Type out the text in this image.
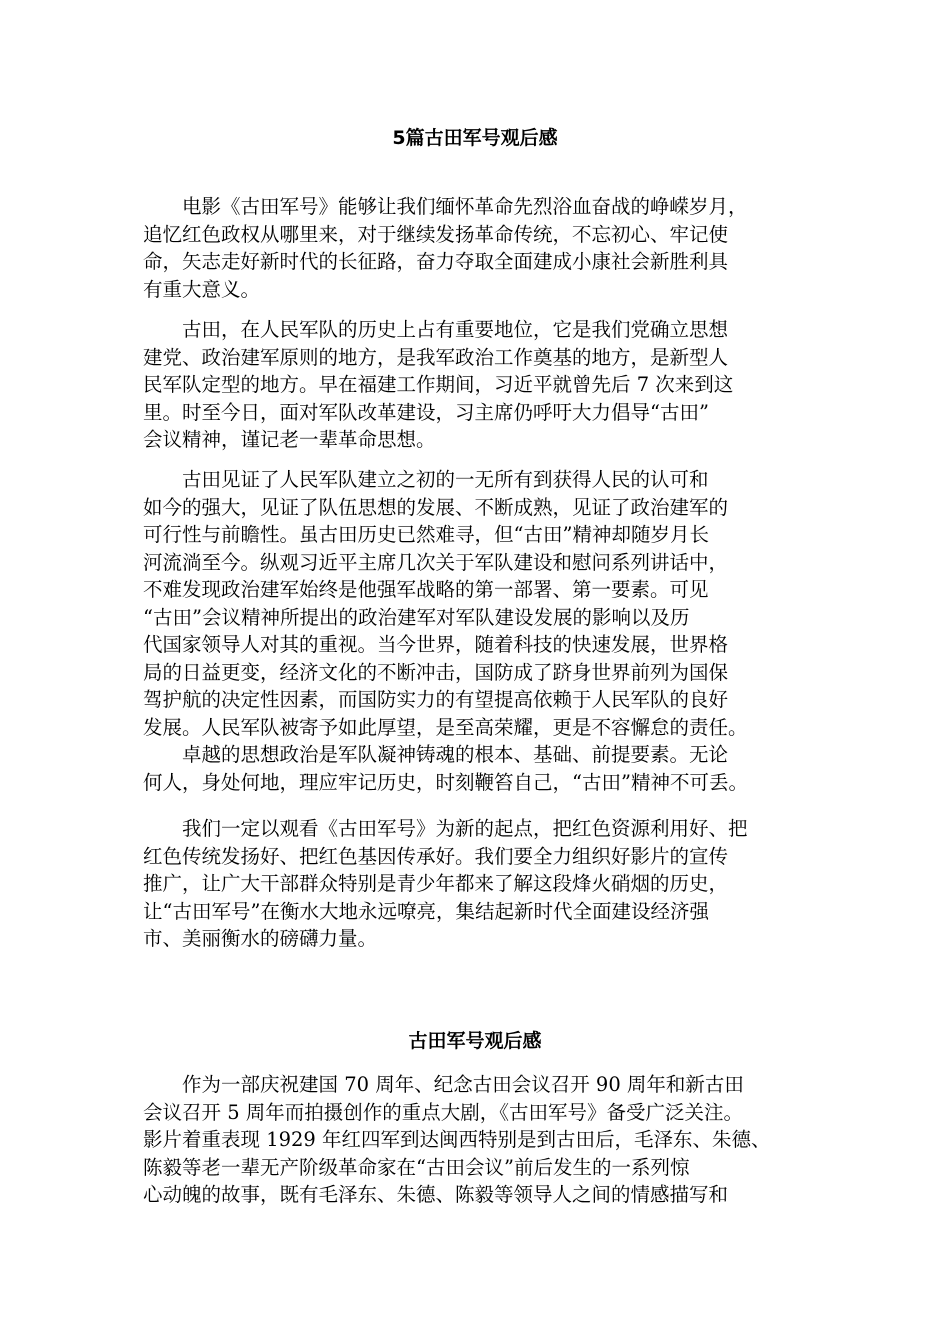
5篇古田军号观后感

　　电影《古田军号》能够让我们缅怀革命先烈浴血奋战的峥嵘岁月，
追忆红色政权从哪里来，对于继续发扬革命传统，不忘初心、牢记使
命，矢志走好新时代的长征路，奋力夺取全面建成小康社会新胜利具
有重大意义。

　　古田，在人民军队的历史上占有重要地位，它是我们党确立思想
建党、政治建军原则的地方，是我军政治工作奠基的地方，是新型人
民军队定型的地方。早在福建工作期间，习近平就曾先后 7 次来到这
里。时至今日，面对军队改革建设，习主席仍呼吁大力倡导“古田”
会议精神，谨记老一辈革命思想。

　　古田见证了人民军队建立之初的一无所有到获得人民的认可和
如今的强大，见证了队伍思想的发展、不断成熟，见证了政治建军的
可行性与前瞻性。虽古田历史已然难寻，但“古田”精神却随岁月长
河流淌至今。纵观习近平主席几次关于军队建设和慰问系列讲话中，
不难发现政治建军始终是他强军战略的第一部署、第一要素。可见
“古田”会议精神所提出的政治建军对军队建设发展的影响以及历
代国家领导人对其的重视。当今世界，随着科技的快速发展，世界格
局的日益更变，经济文化的不断冲击，国防成了跻身世界前列为国保
驾护航的决定性因素，而国防实力的有望提高依赖于人民军队的良好
发展。人民军队被寄予如此厚望，是至高荣耀，更是不容懈怠的责任。

　　卓越的思想政治是军队凝神铸魂的根本、基础、前提要素。无论
何人，身处何地，理应牢记历史，时刻鞭笞自己，“古田”精神不可丢。

　　我们一定以观看《古田军号》为新的起点，把红色资源利用好、把
红色传统发扬好、把红色基因传承好。我们要全力组织好影片的宣传
推广，让广大干部群众特别是青少年都来了解这段烽火硝烟的历史，
让“古田军号”在衡水大地永远嘹亮，集结起新时代全面建设经济强
市、美丽衡水的磅礴力量。

古田军号观后感

　　作为一部庆祝建国 70 周年、纪念古田会议召开 90 周年和新古田
会议召开 5 周年而拍摄创作的重点大剧，《古田军号》备受广泛关注。
影片着重表现 1929 年红四军到达闽西特别是到古田后，毛泽东、朱德、
陈毅等老一辈无产阶级革命家在“古田会议”前后发生的一系列惊
心动魄的故事，既有毛泽东、朱德、陈毅等领导人之间的情感描写和
